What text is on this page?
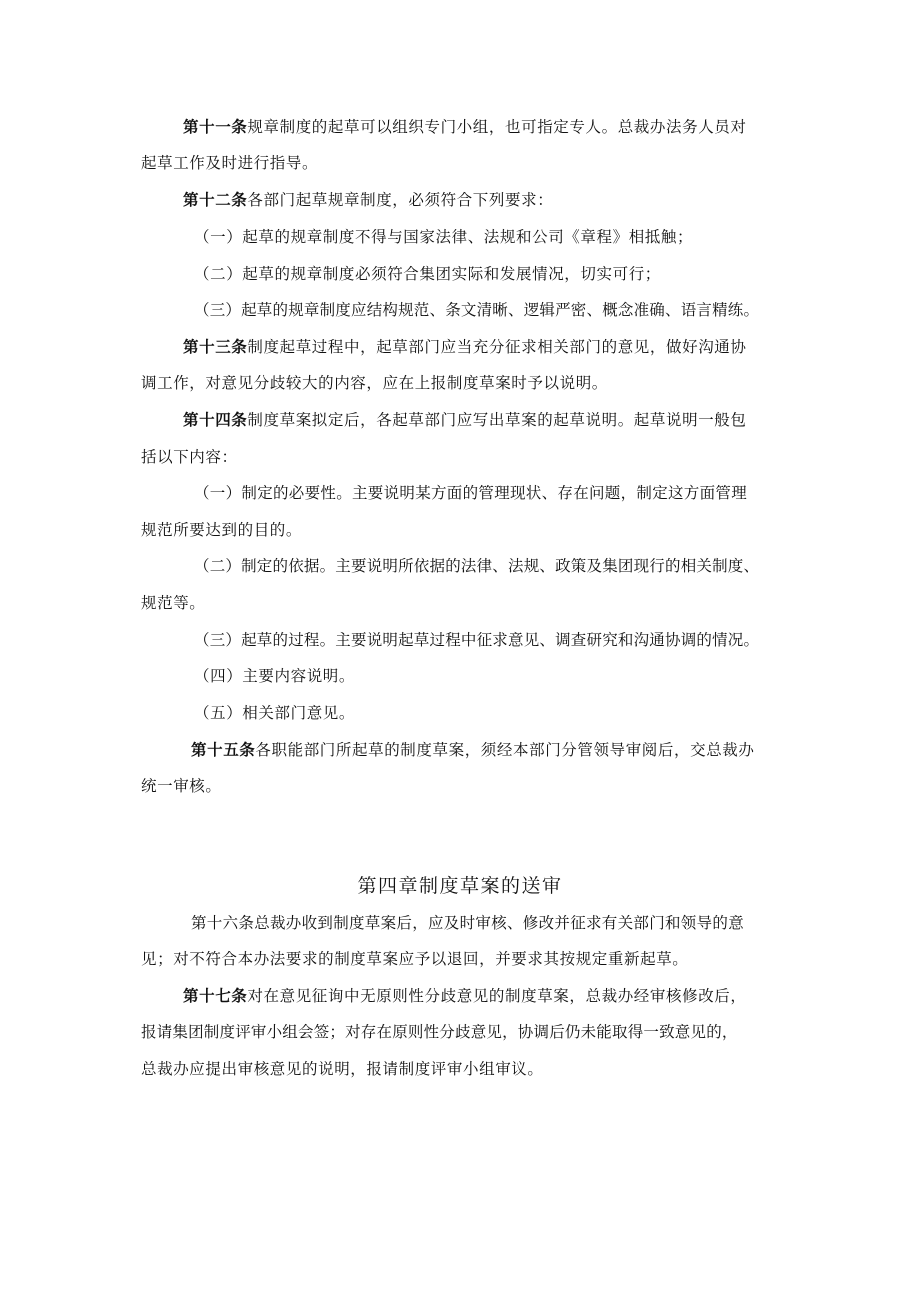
第十一条规章制度的起草可以组织专门小组，也可指定专人。总裁办法务人员对
起草工作及时进行指导。
第十二条各部门起草规章制度，必须符合下列要求：
（一）起草的规章制度不得与国家法律、法规和公司《章程》相抵触；
（二）起草的规章制度必须符合集团实际和发展情况，切实可行；
（三）起草的规章制度应结构规范、条文清晰、逻辑严密、概念准确、语言精练。
第十三条制度起草过程中，起草部门应当充分征求相关部门的意见，做好沟通协
调工作，对意见分歧较大的内容，应在上报制度草案时予以说明。
第十四条制度草案拟定后，各起草部门应写出草案的起草说明。起草说明一般包
括以下内容：
（一）制定的必要性。主要说明某方面的管理现状、存在问题，制定这方面管理
规范所要达到的目的。
（二）制定的依据。主要说明所依据的法律、法规、政策及集团现行的相关制度、
规范等。
（三）起草的过程。主要说明起草过程中征求意见、调查研究和沟通协调的情况。
（四）主要内容说明。
（五）相关部门意见。
第十五条各职能部门所起草的制度草案，须经本部门分管领导审阅后，交总裁办
统一审核。
第四章制度草案的送审
第十六条总裁办收到制度草案后，应及时审核、修改并征求有关部门和领导的意
见；对不符合本办法要求的制度草案应予以退回，并要求其按规定重新起草。
第十七条对在意见征询中无原则性分歧意见的制度草案，总裁办经审核修改后，
报请集团制度评审小组会签；对存在原则性分歧意见，协调后仍未能取得一致意见的，
总裁办应提出审核意见的说明，报请制度评审小组审议。
